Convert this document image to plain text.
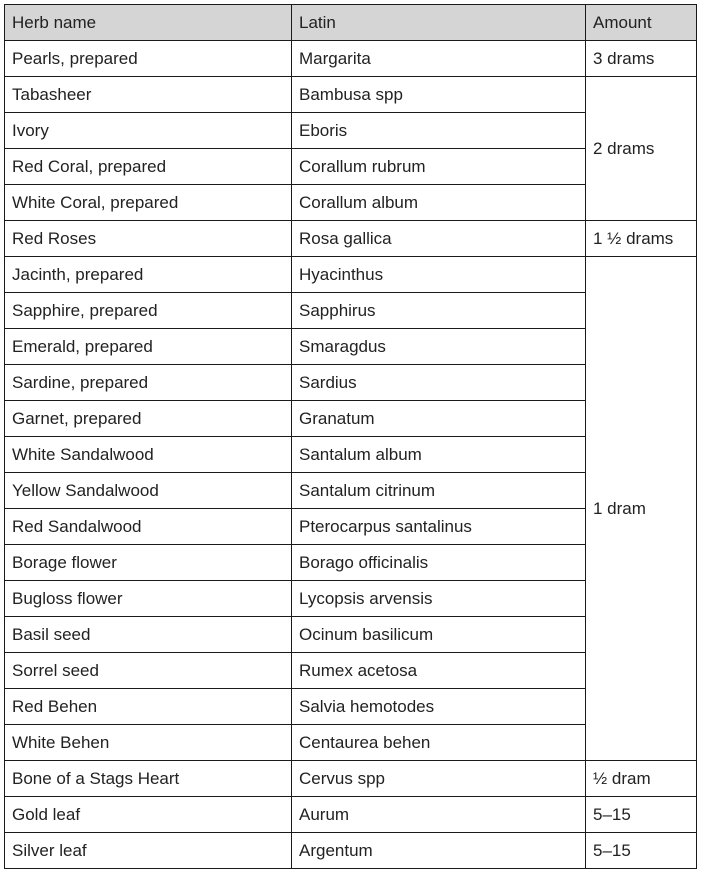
Herb name	Latin	Amount
Pearls, prepared	Margarita	3 drams
Tabasheer	Bambusa spp	2 drams
Ivory	Eboris	
Red Coral, prepared	Corallum rubrum	
White Coral, prepared	Corallum album	
Red Roses	Rosa gallica	1 ½ drams
Jacinth, prepared	Hyacinthus	1 dram
Sapphire, prepared	Sapphirus	
Emerald, prepared	Smaragdus	
Sardine, prepared	Sardius	
Garnet, prepared	Granatum	
White Sandalwood	Santalum album	
Yellow Sandalwood	Santalum citrinum	
Red Sandalwood	Pterocarpus santalinus	
Borage flower	Borago officinalis	
Bugloss flower	Lycopsis arvensis	
Basil seed	Ocinum basilicum	
Sorrel seed	Rumex acetosa	
Red Behen	Salvia hemotodes	
White Behen	Centaurea behen	
Bone of a Stags Heart	Cervus spp	½ dram
Gold leaf	Aurum	5–15
Silver leaf	Argentum	5–15
